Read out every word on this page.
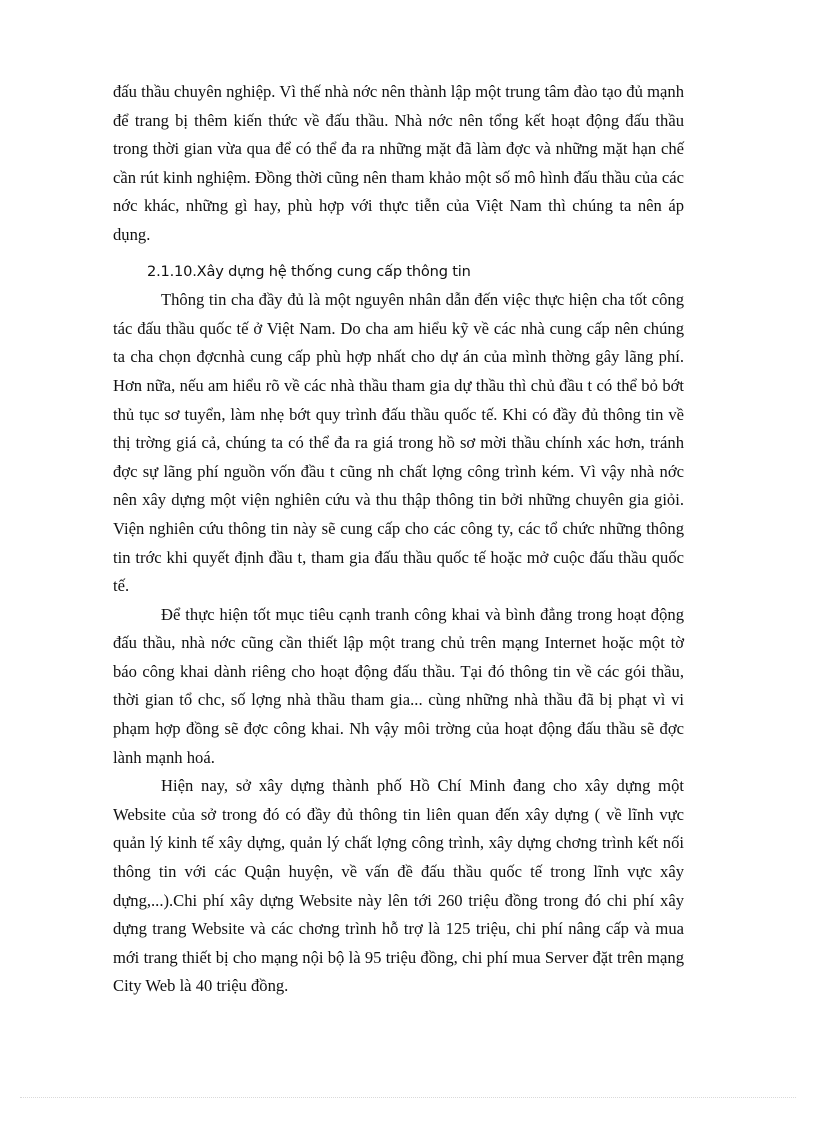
đấu thầu chuyên nghiệp. Vì thế nhà nớc nên thành lập một trung tâm đào tạo đủ mạnh để trang bị thêm kiến thức về đấu thầu. Nhà nớc nên tổng kết hoạt động đấu thầu trong thời gian vừa qua để có thể đa ra những mặt đã làm đợc và những mặt hạn chế cần rút kinh nghiệm. Đồng thời cũng nên tham khảo một số mô hình đấu thầu của các nớc khác, những gì hay, phù hợp với thực tiễn của Việt Nam thì chúng ta nên áp dụng.

2.1.10.Xây dựng hệ thống cung cấp thông tin

Thông tin cha đầy đủ là một nguyên nhân dẫn đến việc thực hiện cha tốt công tác đấu thầu quốc tế ở Việt Nam. Do cha am hiểu kỹ về các nhà cung cấp nên chúng ta cha chọn đợcnhà cung cấp phù hợp nhất cho dự án của mình thờng gây lãng phí. Hơn nữa, nếu am hiểu rõ về các nhà thầu tham gia dự thầu thì chủ đầu t có thể bỏ bớt thủ tục sơ tuyển, làm nhẹ bớt quy trình đấu thầu quốc tế. Khi có đầy đủ thông tin về thị trờng giá cả, chúng ta có thể đa ra giá trong hồ sơ mời thầu chính xác hơn, tránh đợc sự lãng phí nguồn vốn đầu t cũng nh chất lợng công trình kém. Vì vậy nhà nớc nên xây dựng một viện nghiên cứu và thu thập thông tin bởi những chuyên gia giỏi. Viện nghiên cứu thông tin này sẽ cung cấp cho các công ty, các tổ chức những thông tin trớc khi quyết định đầu t, tham gia đấu thầu quốc tế hoặc mở cuộc đấu thầu quốc tế.

Để thực hiện tốt mục tiêu cạnh tranh công khai và bình đẳng trong hoạt động đấu thầu, nhà nớc cũng cần thiết lập một trang chủ trên mạng Internet hoặc một tờ báo công khai dành riêng cho hoạt động đấu thầu. Tại đó thông tin về các gói thầu, thời gian tổ chc, số lợng nhà thầu tham gia... cùng những nhà thầu đã bị phạt vì vi phạm hợp đồng sẽ đợc công khai. Nh vậy môi trờng của hoạt động đấu thầu sẽ đợc lành mạnh hoá.

Hiện nay, sở xây dựng thành phố Hồ Chí Minh đang cho xây dựng một Website của sở trong đó có đầy đủ thông tin liên quan đến xây dựng ( về lĩnh vực quản lý kinh tế xây dựng, quản lý chất lợng công trình, xây dựng chơng trình kết nối thông tin với các Quận huyện, về vấn đề đấu thầu quốc tế trong lĩnh vực xây dựng,...).Chi phí xây dựng Website này lên tới 260 triệu đồng trong đó chi phí xây dựng trang Website và các chơng trình hỗ trợ là 125 triệu, chi phí nâng cấp và mua mới trang thiết bị cho mạng nội bộ là 95 triệu đồng, chi phí mua Server đặt trên mạng City Web là 40 triệu đồng.
